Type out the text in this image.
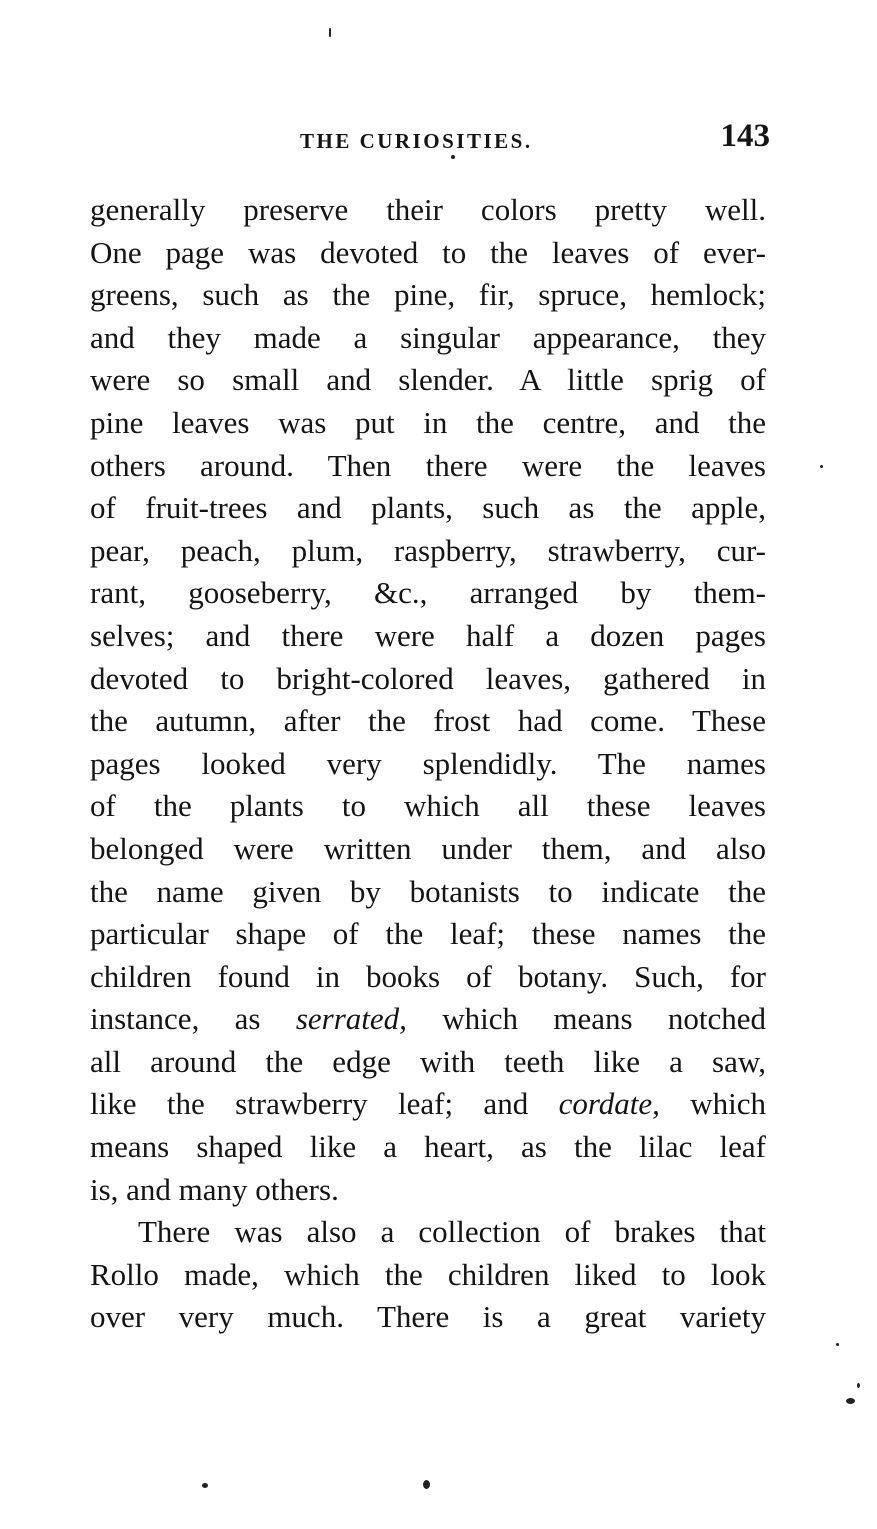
THE CURIOSITIES.	143
generally preserve their colors pretty well.
One page was devoted to the leaves of ever-
greens, such as the pine, fir, spruce, hemlock;
and they made a singular appearance, they
were so small and slender. A little sprig of
pine leaves was put in the centre, and the
others around. Then there were the leaves
of fruit-trees and plants, such as the apple,
pear, peach, plum, raspberry, strawberry, cur-
rant, gooseberry, &c., arranged by them-
selves; and there were half a dozen pages
devoted to bright-colored leaves, gathered in
the autumn, after the frost had come. These
pages looked very splendidly. The names
of the plants to which all these leaves
belonged were written under them, and also
the name given by botanists to indicate the
particular shape of the leaf; these names the
children found in books of botany. Such, for
instance, as serrated, which means notched
all around the edge with teeth like a saw,
like the strawberry leaf; and cordate, which
means shaped like a heart, as the lilac leaf
is, and many others.
There was also a collection of brakes that
Rollo made, which the children liked to look
over very much. There is a great variety
